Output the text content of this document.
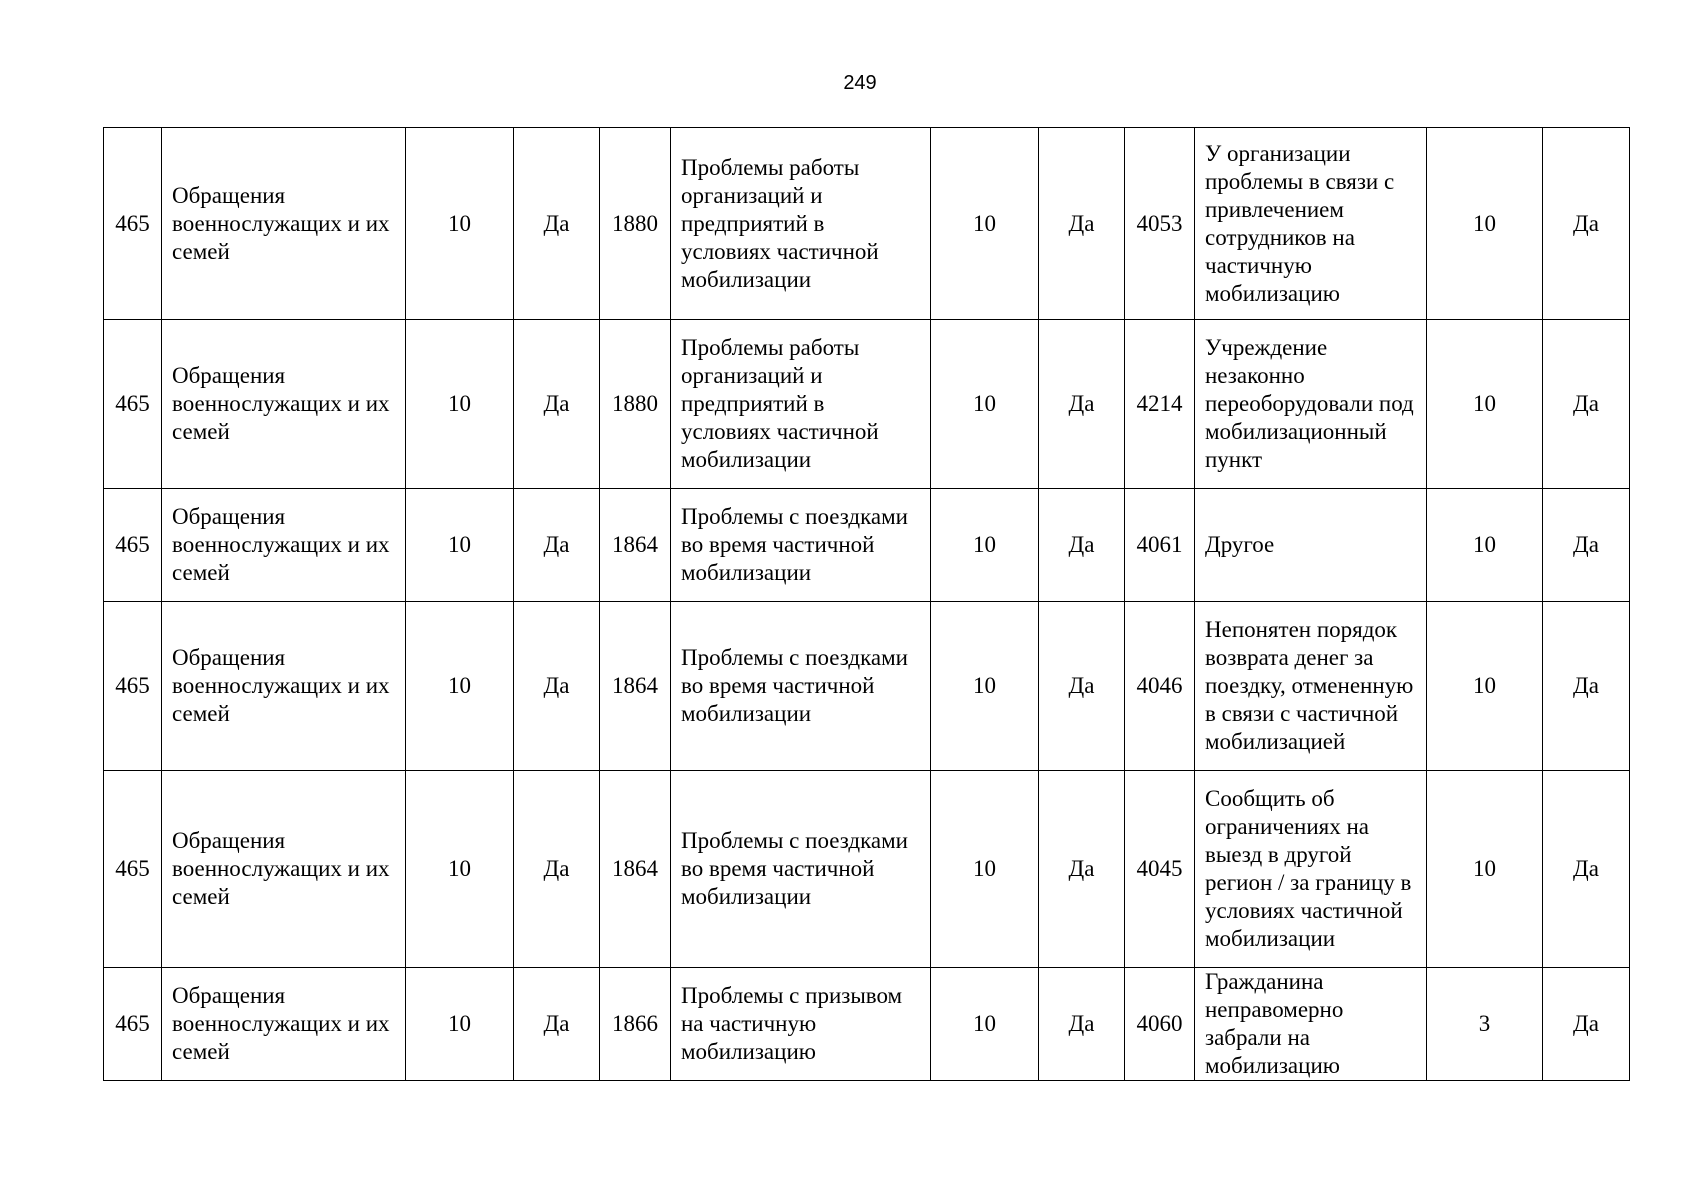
249
465	Обращения военнослужащих и их семей	10	Да	1880	Проблемы работы организаций и предприятий в условиях частичной мобилизации	10	Да	4053	У организации проблемы в связи с привлечением сотрудников на частичную мобилизацию	10	Да
465	Обращения военнослужащих и их семей	10	Да	1880	Проблемы работы организаций и предприятий в условиях частичной мобилизации	10	Да	4214	Учреждение незаконно переоборудовали под мобилизационный пункт	10	Да
465	Обращения военнослужащих и их семей	10	Да	1864	Проблемы с поездками во время частичной мобилизации	10	Да	4061	Другое	10	Да
465	Обращения военнослужащих и их семей	10	Да	1864	Проблемы с поездками во время частичной мобилизации	10	Да	4046	Непонятен порядок возврата денег за поездку, отмененную в связи с частичной мобилизацией	10	Да
465	Обращения военнослужащих и их семей	10	Да	1864	Проблемы с поездками во время частичной мобилизации	10	Да	4045	Сообщить об ограничениях на выезд в другой регион / за границу в условиях частичной мобилизации	10	Да
465	Обращения военнослужащих и их семей	10	Да	1866	Проблемы с призывом на частичную мобилизацию	10	Да	4060	Гражданина неправомерно забрали на мобилизацию	3	Да
